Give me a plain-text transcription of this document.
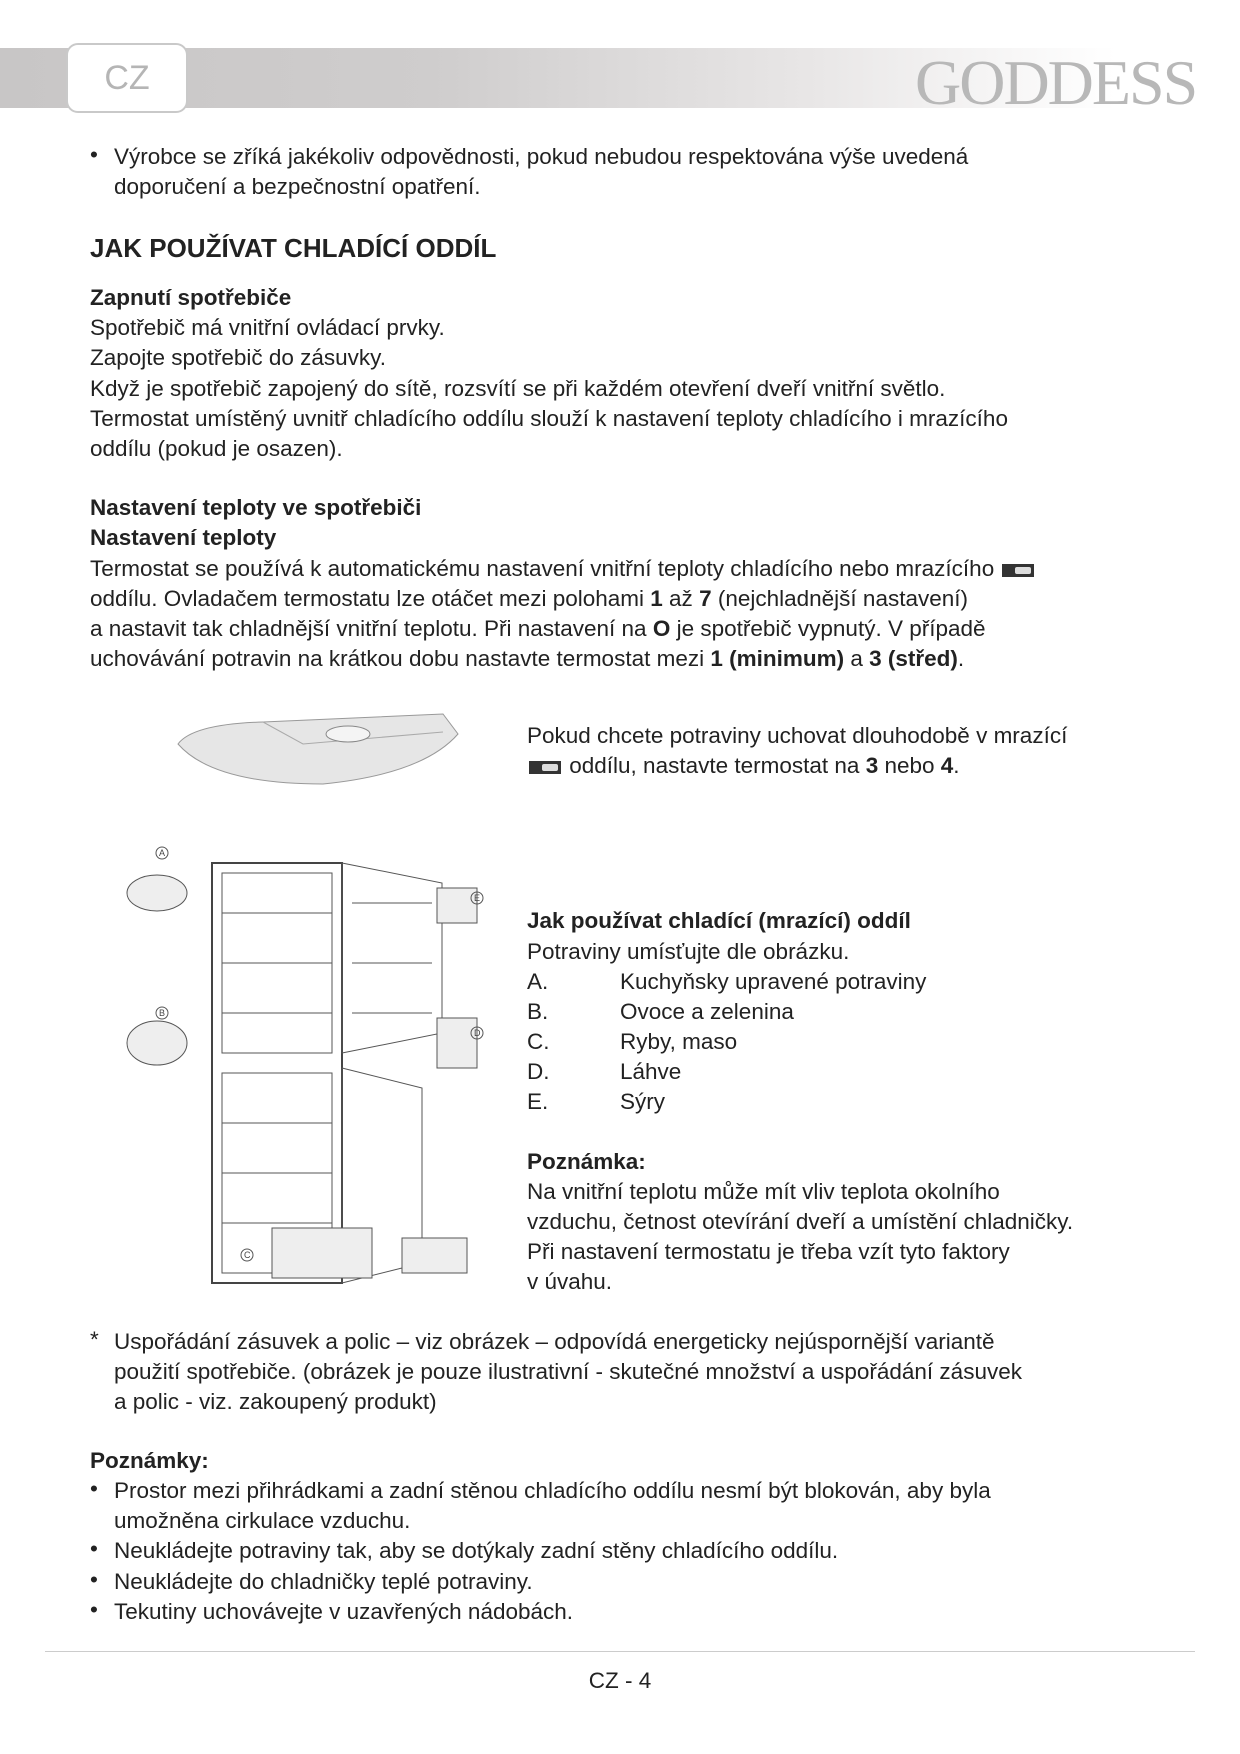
CZ	GODDESS
• Výrobce se zříká jakékoliv odpovědnosti, pokud nebudou respektována výše uvedená
doporučení a bezpečnostní opatření.
JAK POUŽÍVAT CHLADÍCÍ ODDÍL
Zapnutí spotřebiče
Spotřebič má vnitřní ovládací prvky.
Zapojte spotřebič do zásuvky.
Když je spotřebič zapojený do sítě, rozsvítí se při každém otevření dveří vnitřní světlo.
Termostat umístěný uvnitř chladícího oddílu slouží k nastavení teploty chladícího i mrazícího
oddílu (pokud je osazen).
Nastavení teploty ve spotřebiči
Nastavení teploty
Termostat se používá k automatickému nastavení vnitřní teploty chladícího nebo mrazícího
oddílu. Ovladačem termostatu lze otáčet mezi polohami 1 až 7 (nejchladnější nastavení)
a nastavit tak chladnější vnitřní teplotu. Při nastavení na O je spotřebič vypnutý. V případě
uchovávání potravin na krátkou dobu nastavte termostat mezi 1 (minimum) a 3 (střed).
Pokud chcete potraviny uchovat dlouhodobě v mrazící
oddílu, nastavte termostat na 3 nebo 4.
A
B
C
D
E
Jak používat chladící (mrazící) oddíl
Potraviny umísťujte dle obrázku.
A.	Kuchyňsky upravené potraviny
B.	Ovoce a zelenina
C.	Ryby, maso
D.	Láhve
E.	Sýry
Poznámka:
Na vnitřní teplotu může mít vliv teplota okolního
vzduchu, četnost otevírání dveří a umístění chladničky.
Při nastavení termostatu je třeba vzít tyto faktory
v úvahu.
* Uspořádání zásuvek a polic – viz obrázek – odpovídá energeticky nejúspornější variantě
použití spotřebiče. (obrázek je pouze ilustrativní - skutečné množství a uspořádání zásuvek
a polic - viz. zakoupený produkt)
Poznámky:
• Prostor mezi přihrádkami a zadní stěnou chladícího oddílu nesmí být blokován, aby byla
umožněna cirkulace vzduchu.
• Neukládejte potraviny tak, aby se dotýkaly zadní stěny chladícího oddílu.
• Neukládejte do chladničky teplé potraviny.
• Tekutiny uchovávejte v uzavřených nádobách.
CZ - 4
